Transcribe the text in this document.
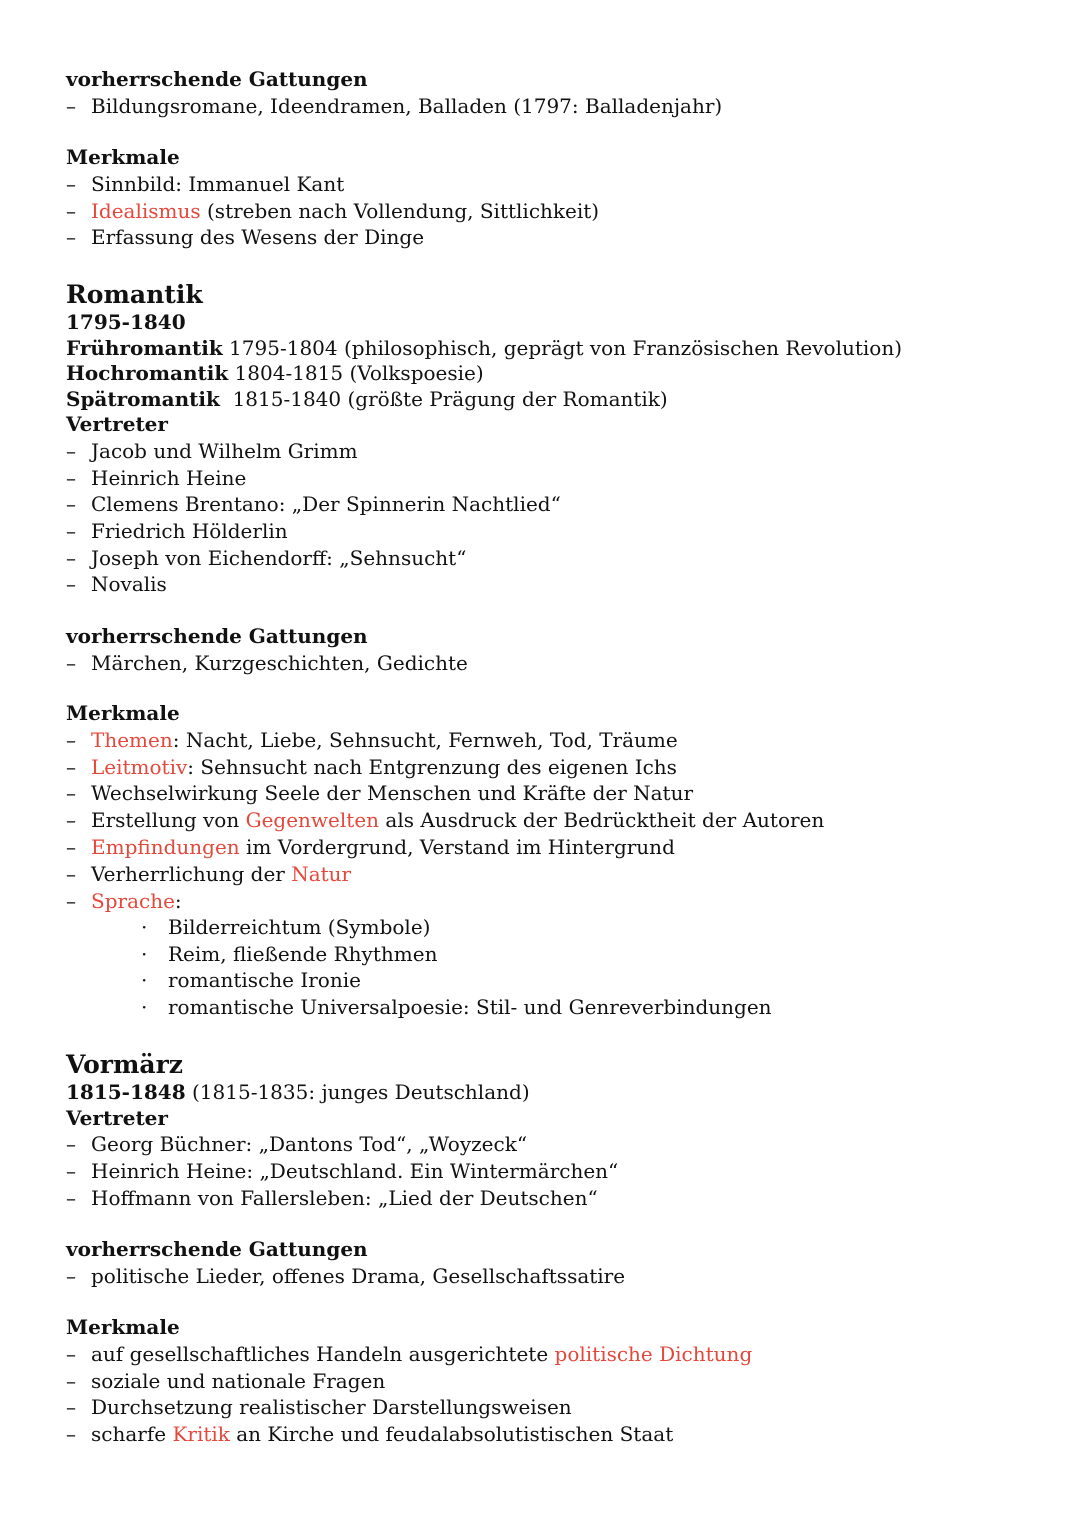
vorherrschende Gattungen
– Bildungsromane, Ideendramen, Balladen (1797: Balladenjahr)
Merkmale
– Sinnbild: Immanuel Kant
– Idealismus (streben nach Vollendung, Sittlichkeit)
– Erfassung des Wesens der Dinge
Romantik
1795-1840
Frühromantik 1795-1804 (philosophisch, geprägt von Französischen Revolution)
Hochromantik 1804-1815 (Volkspoesie)
Spätromantik  1815-1840 (größte Prägung der Romantik)
Vertreter
– Jacob und Wilhelm Grimm
– Heinrich Heine
– Clemens Brentano: „Der Spinnerin Nachtlied“
– Friedrich Hölderlin
– Joseph von Eichendorff: „Sehnsucht“
– Novalis
vorherrschende Gattungen
– Märchen, Kurzgeschichten, Gedichte
Merkmale
– Themen: Nacht, Liebe, Sehnsucht, Fernweh, Tod, Träume
– Leitmotiv: Sehnsucht nach Entgrenzung des eigenen Ichs
– Wechselwirkung Seele der Menschen und Kräfte der Natur
– Erstellung von Gegenwelten als Ausdruck der Bedrücktheit der Autoren
– Empfindungen im Vordergrund, Verstand im Hintergrund
– Verherrlichung der Natur
– Sprache:
· Bilderreichtum (Symbole)
· Reim, fließende Rhythmen
· romantische Ironie
· romantische Universalpoesie: Stil- und Genreverbindungen
Vormärz
1815-1848 (1815-1835: junges Deutschland)
Vertreter
– Georg Büchner: „Dantons Tod“, „Woyzeck“
– Heinrich Heine: „Deutschland. Ein Wintermärchen“
– Hoffmann von Fallersleben: „Lied der Deutschen“
vorherrschende Gattungen
– politische Lieder, offenes Drama, Gesellschaftssatire
Merkmale
– auf gesellschaftliches Handeln ausgerichtete politische Dichtung
– soziale und nationale Fragen
– Durchsetzung realistischer Darstellungsweisen
– scharfe Kritik an Kirche und feudalabsolutistischen Staat
